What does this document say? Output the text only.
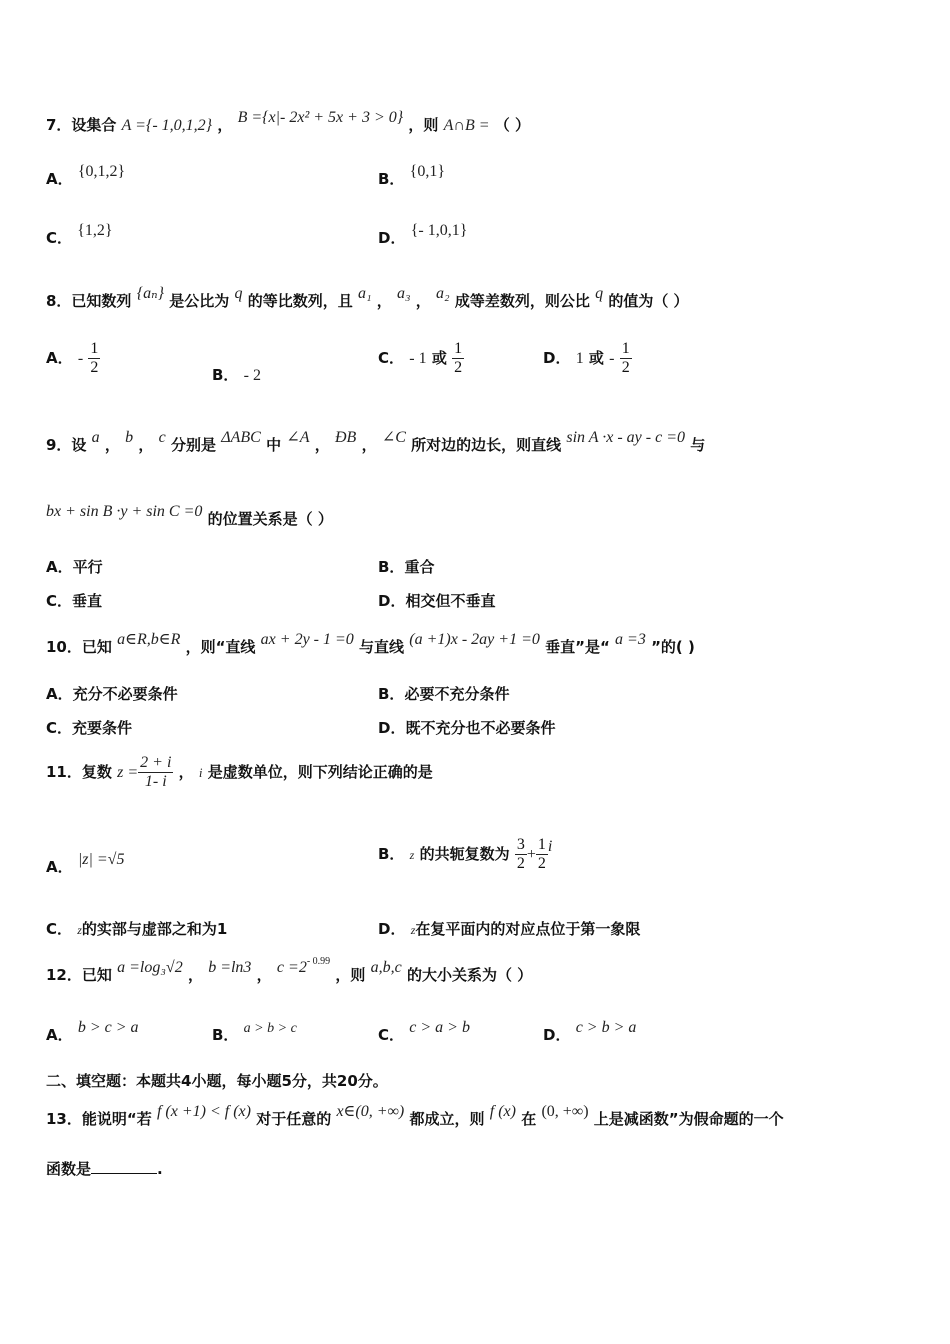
7．设集合 A ={- 1,0,1,2} ， B ={x|- 2x² + 5x + 3 > 0} ，则 A∩B = （ ）
A． {0,1,2}	B． {0,1}
C． {1,2}	D． {- 1,0,1}
8．已知数列 {aₙ} 是公比为 q 的等比数列，且 a₁ ， a₃ ， a₂ 成等差数列，则公比 q 的值为（ ）
A． - $\frac{1}{2}$	B． - 2
C． - 1 或 $\frac{1}{2}$	D． 1 或 - $\frac{1}{2}$
9．设 a ， b ， c 分别是 ΔABC 中 ∠A ， ÐB ， ∠C 所对边的边长，则直线 sin A ·x - ay - c =0 与
bx + sin B ·y + sin C =0 的位置关系是（ ）
A．平行	B．重合
C．垂直	D．相交但不垂直
10．已知 a∈R,b∈R ，则“直线 ax + 2y - 1 =0 与直线 (a +1)x - 2ay +1 =0 垂直”是“ a =3 ”的( )
A．充分不必要条件	B．必要不充分条件
C．充要条件	D．既不充分也不必要条件
11．复数 $z = \frac{2 + i}{1- i}$ ， i 是虚数单位，则下列结论正确的是
A． |z| =√5	B． z 的共轭复数为 $\frac{3}{2} + \frac{1}{2}$ i
C． z的实部与虚部之和为1	D． z在复平面内的对应点位于第一象限
12．已知 a =log₃√2 ， b =ln3 ， $c =2^{- 0.99}$ ，则 a,b,c 的大小关系为（ ）
A． b > c > a	B． a > b > c	C． c > a > b	D． c > b > a
二、填空题：本题共4小题，每小题5分，共20分。
13．能说明“若 f (x +1) < f (x) 对于任意的 x∈(0, +∞) 都成立，则 f (x) 在 (0, +∞) 上是减函数”为假命题的一个
函数是	.
